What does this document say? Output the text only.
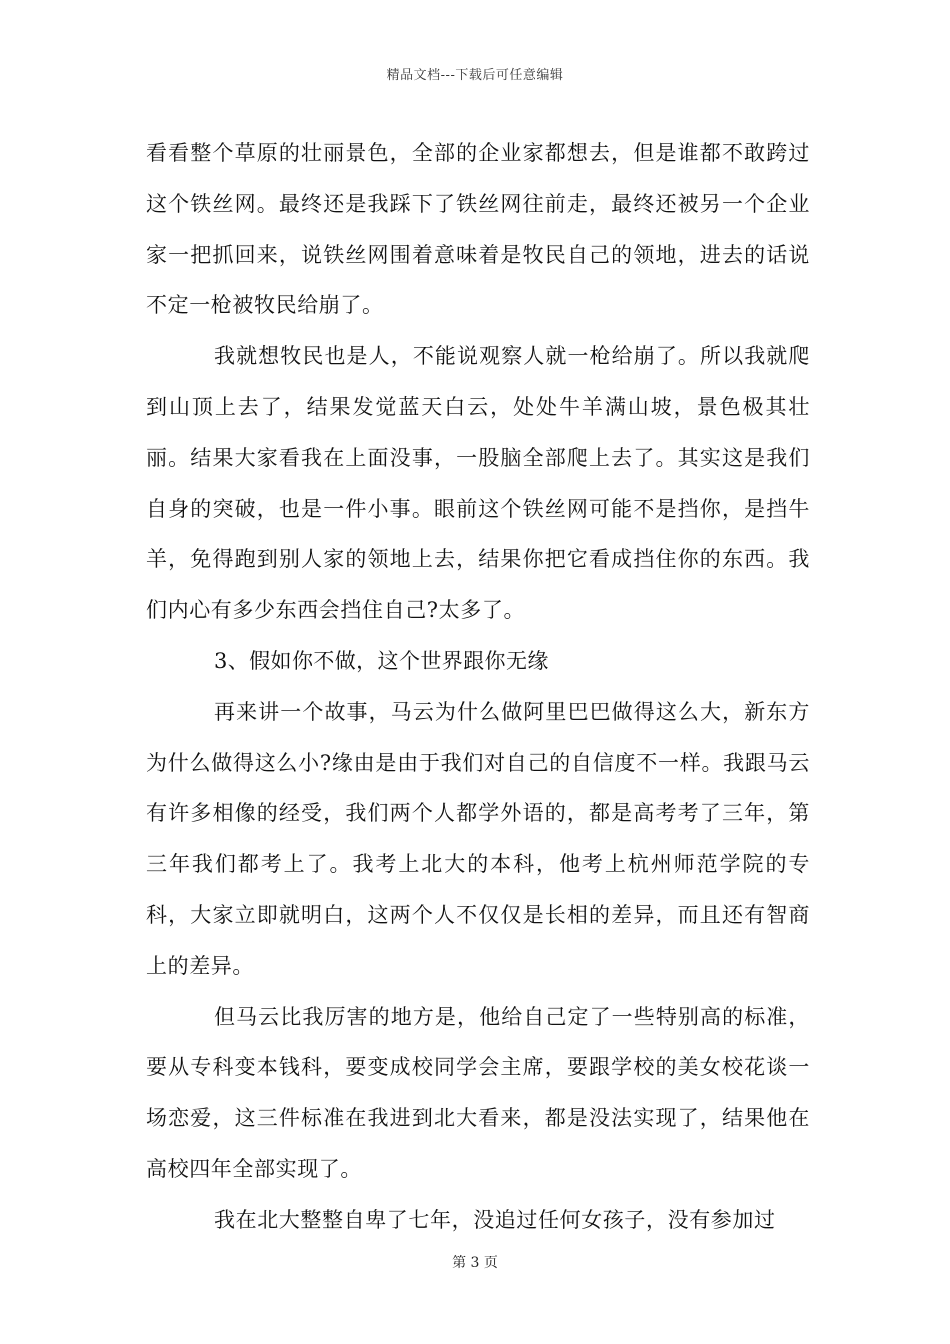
精品文档---下载后可任意编辑

看看整个草原的壮丽景色，全部的企业家都想去，但是谁都不敢跨过这个铁丝网。最终还是我踩下了铁丝网往前走，最终还被另一个企业家一把抓回来，说铁丝网围着意味着是牧民自己的领地，进去的话说不定一枪被牧民给崩了。

我就想牧民也是人，不能说观察人就一枪给崩了。所以我就爬到山顶上去了，结果发觉蓝天白云，处处牛羊满山坡，景色极其壮丽。结果大家看我在上面没事，一股脑全部爬上去了。其实这是我们自身的突破，也是一件小事。眼前这个铁丝网可能不是挡你，是挡牛羊，免得跑到别人家的领地上去，结果你把它看成挡住你的东西。我们内心有多少东西会挡住自己?太多了。

3、假如你不做，这个世界跟你无缘

再来讲一个故事，马云为什么做阿里巴巴做得这么大，新东方为什么做得这么小?缘由是由于我们对自己的自信度不一样。我跟马云有许多相像的经受，我们两个人都学外语的，都是高考考了三年，第三年我们都考上了。我考上北大的本科，他考上杭州师范学院的专科，大家立即就明白，这两个人不仅仅是长相的差异，而且还有智商上的差异。

但马云比我厉害的地方是，他给自己定了一些特别高的标准，要从专科变本钱科，要变成校同学会主席，要跟学校的美女校花谈一场恋爱，这三件标准在我进到北大看来，都是没法实现了，结果他在高校四年全部实现了。

我在北大整整自卑了七年，没追过任何女孩子，没有参加过

第 3 页
